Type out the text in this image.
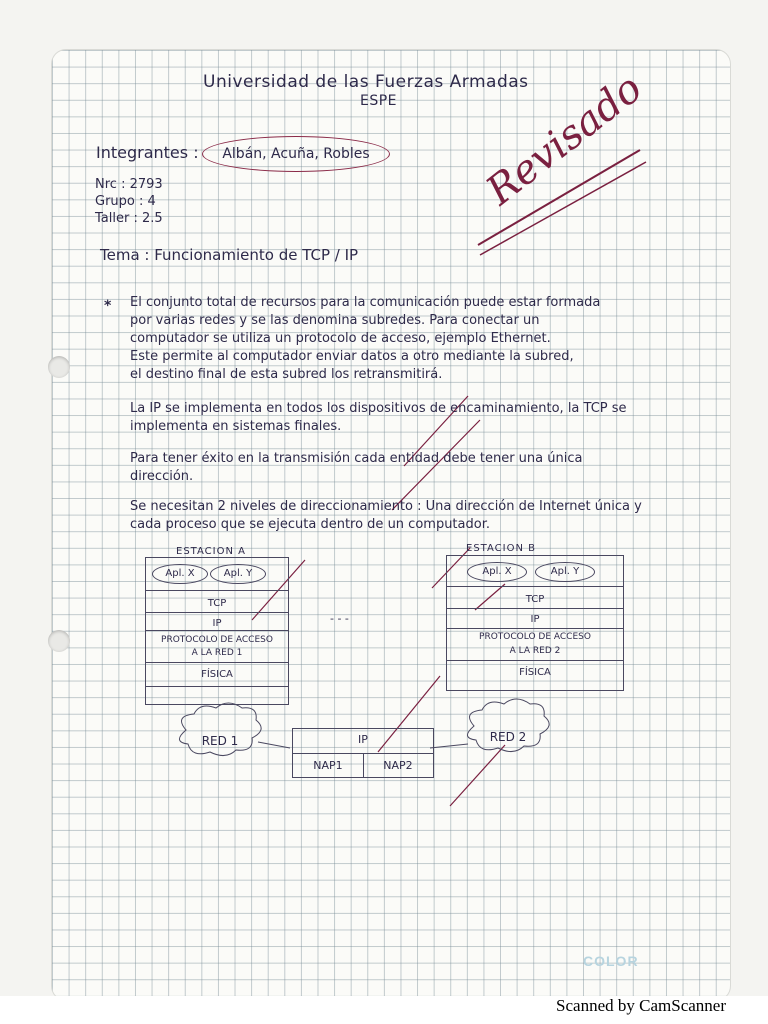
Universidad de las Fuerzas Armadas
ESPE
Integrantes :	Albán, Acuña, Robles
Nrc : 2793
Grupo : 4
Taller : 2.5
Revisado
Tema : Funcionamiento de TCP / IP
* El conjunto total de recursos para la comunicación puede estar formada
por varias redes y se las denomina subredes. Para conectar un
computador se utiliza un protocolo de acceso, ejemplo Ethernet.
Este permite al computador enviar datos a otro mediante la subred,
el destino final de esta subred los retransmitirá.
La IP se implementa en todos los dispositivos de encaminamiento, la TCP se
implementa en sistemas finales.
Para tener éxito en la transmisión cada entidad debe tener una única
dirección.
Se necesitan 2 niveles de direccionamiento : Una dirección de Internet única y
cada proceso que se ejecuta dentro de un computador.
ESTACION A
Apl. X	Apl. Y
TCP
IP
PROTOCOLO DE ACCESO
A LA RED 1
FÍSICA
ESTACION B
Apl. X	Apl. Y
TCP
IP
PROTOCOLO DE ACCESO
A LA RED 2
FÍSICA
- - -
RED 1	RED 2
IP
NAP1	NAP2
COLOR
Scanned by CamScanner
